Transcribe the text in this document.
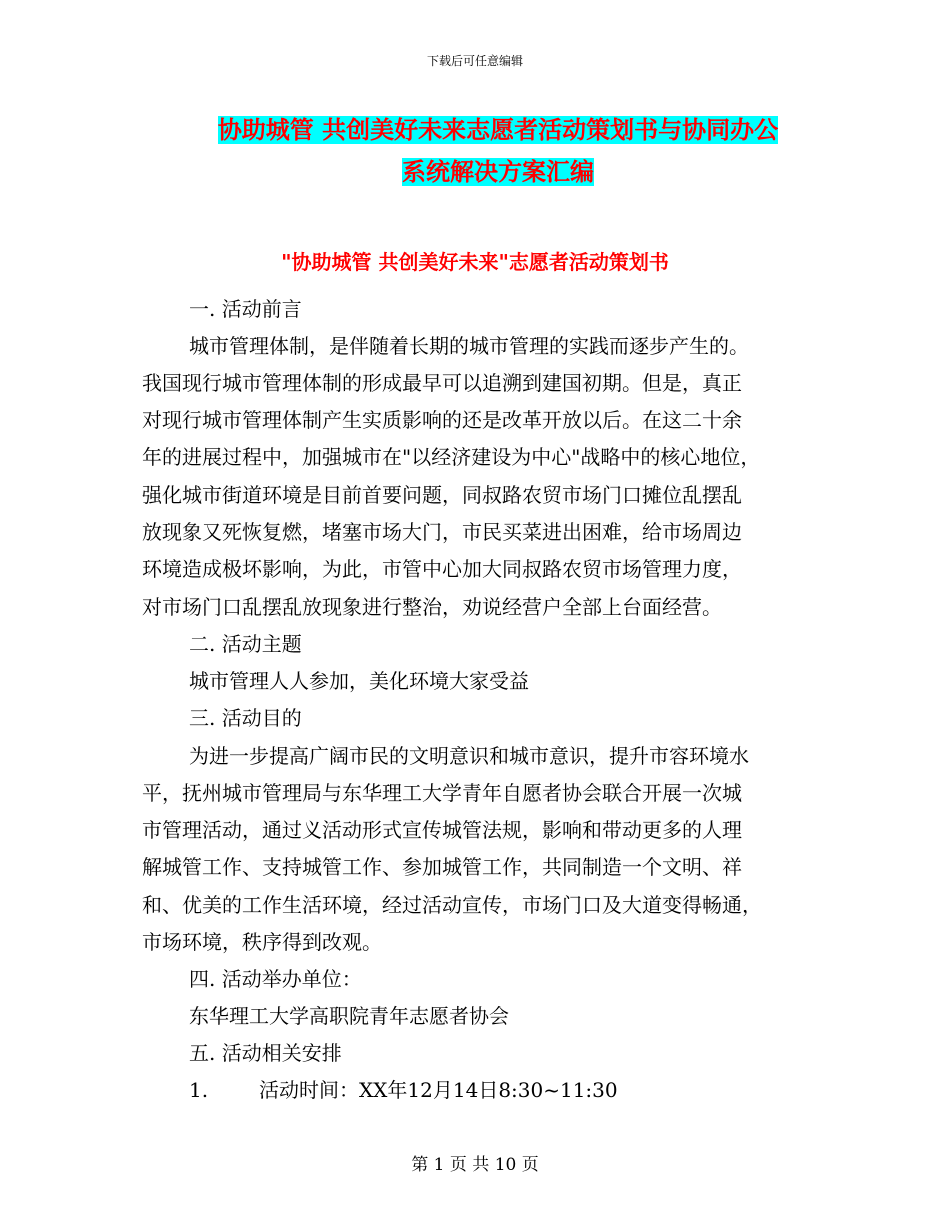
下载后可任意编辑
协助城管 共创美好未来志愿者活动策划书与协同办公
系统解决方案汇编
"协助城管 共创美好未来"志愿者活动策划书
一. 活动前言
城市管理体制，是伴随着长期的城市管理的实践而逐步产生的。
我国现行城市管理体制的形成最早可以追溯到建国初期。但是，真正
对现行城市管理体制产生实质影响的还是改革开放以后。在这二十余
年的进展过程中，加强城市在"以经济建设为中心"战略中的核心地位，
强化城市街道环境是目前首要问题，同叔路农贸市场门口摊位乱摆乱
放现象又死恢复燃，堵塞市场大门，市民买菜进出困难，给市场周边
环境造成极坏影响，为此，市管中心加大同叔路农贸市场管理力度，
对市场门口乱摆乱放现象进行整治，劝说经营户全部上台面经营。
二. 活动主题
城市管理人人参加，美化环境大家受益
三. 活动目的
为进一步提高广阔市民的文明意识和城市意识，提升市容环境水
平，抚州城市管理局与东华理工大学青年自愿者协会联合开展一次城
市管理活动，通过义活动形式宣传城管法规，影响和带动更多的人理
解城管工作、支持城管工作、参加城管工作，共同制造一个文明、祥
和、优美的工作生活环境，经过活动宣传，市场门口及大道变得畅通，
市场环境，秩序得到改观。
四. 活动举办单位：
东华理工大学高职院青年志愿者协会
五. 活动相关安排
1.        活动时间：XX年12月14日8:30~11:30
第 1 页 共 10 页
